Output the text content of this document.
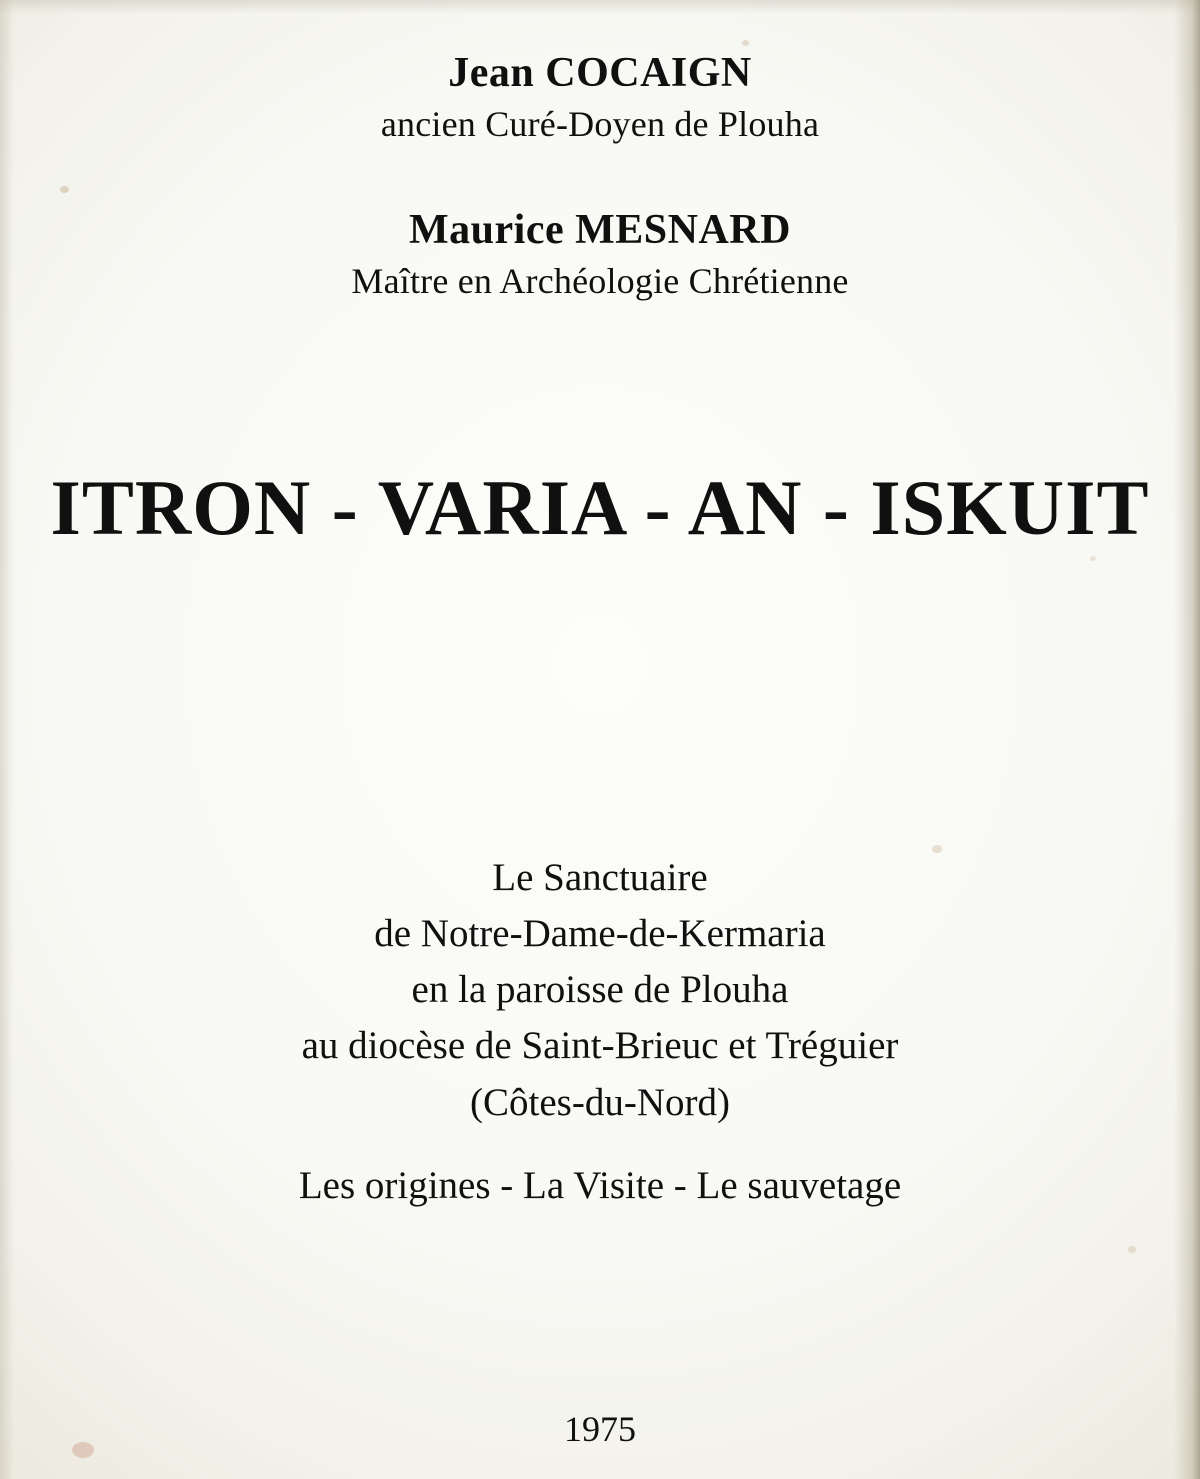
Jean COCAIGN
ancien Curé-Doyen de Plouha
Maurice MESNARD
Maître en Archéologie Chrétienne
ITRON - VARIA - AN - ISKUIT
Le Sanctuaire
de Notre-Dame-de-Kermaria
en la paroisse de Plouha
au diocèse de Saint-Brieuc et Tréguier
(Côtes-du-Nord)
Les origines - La Visite - Le sauvetage
1975
